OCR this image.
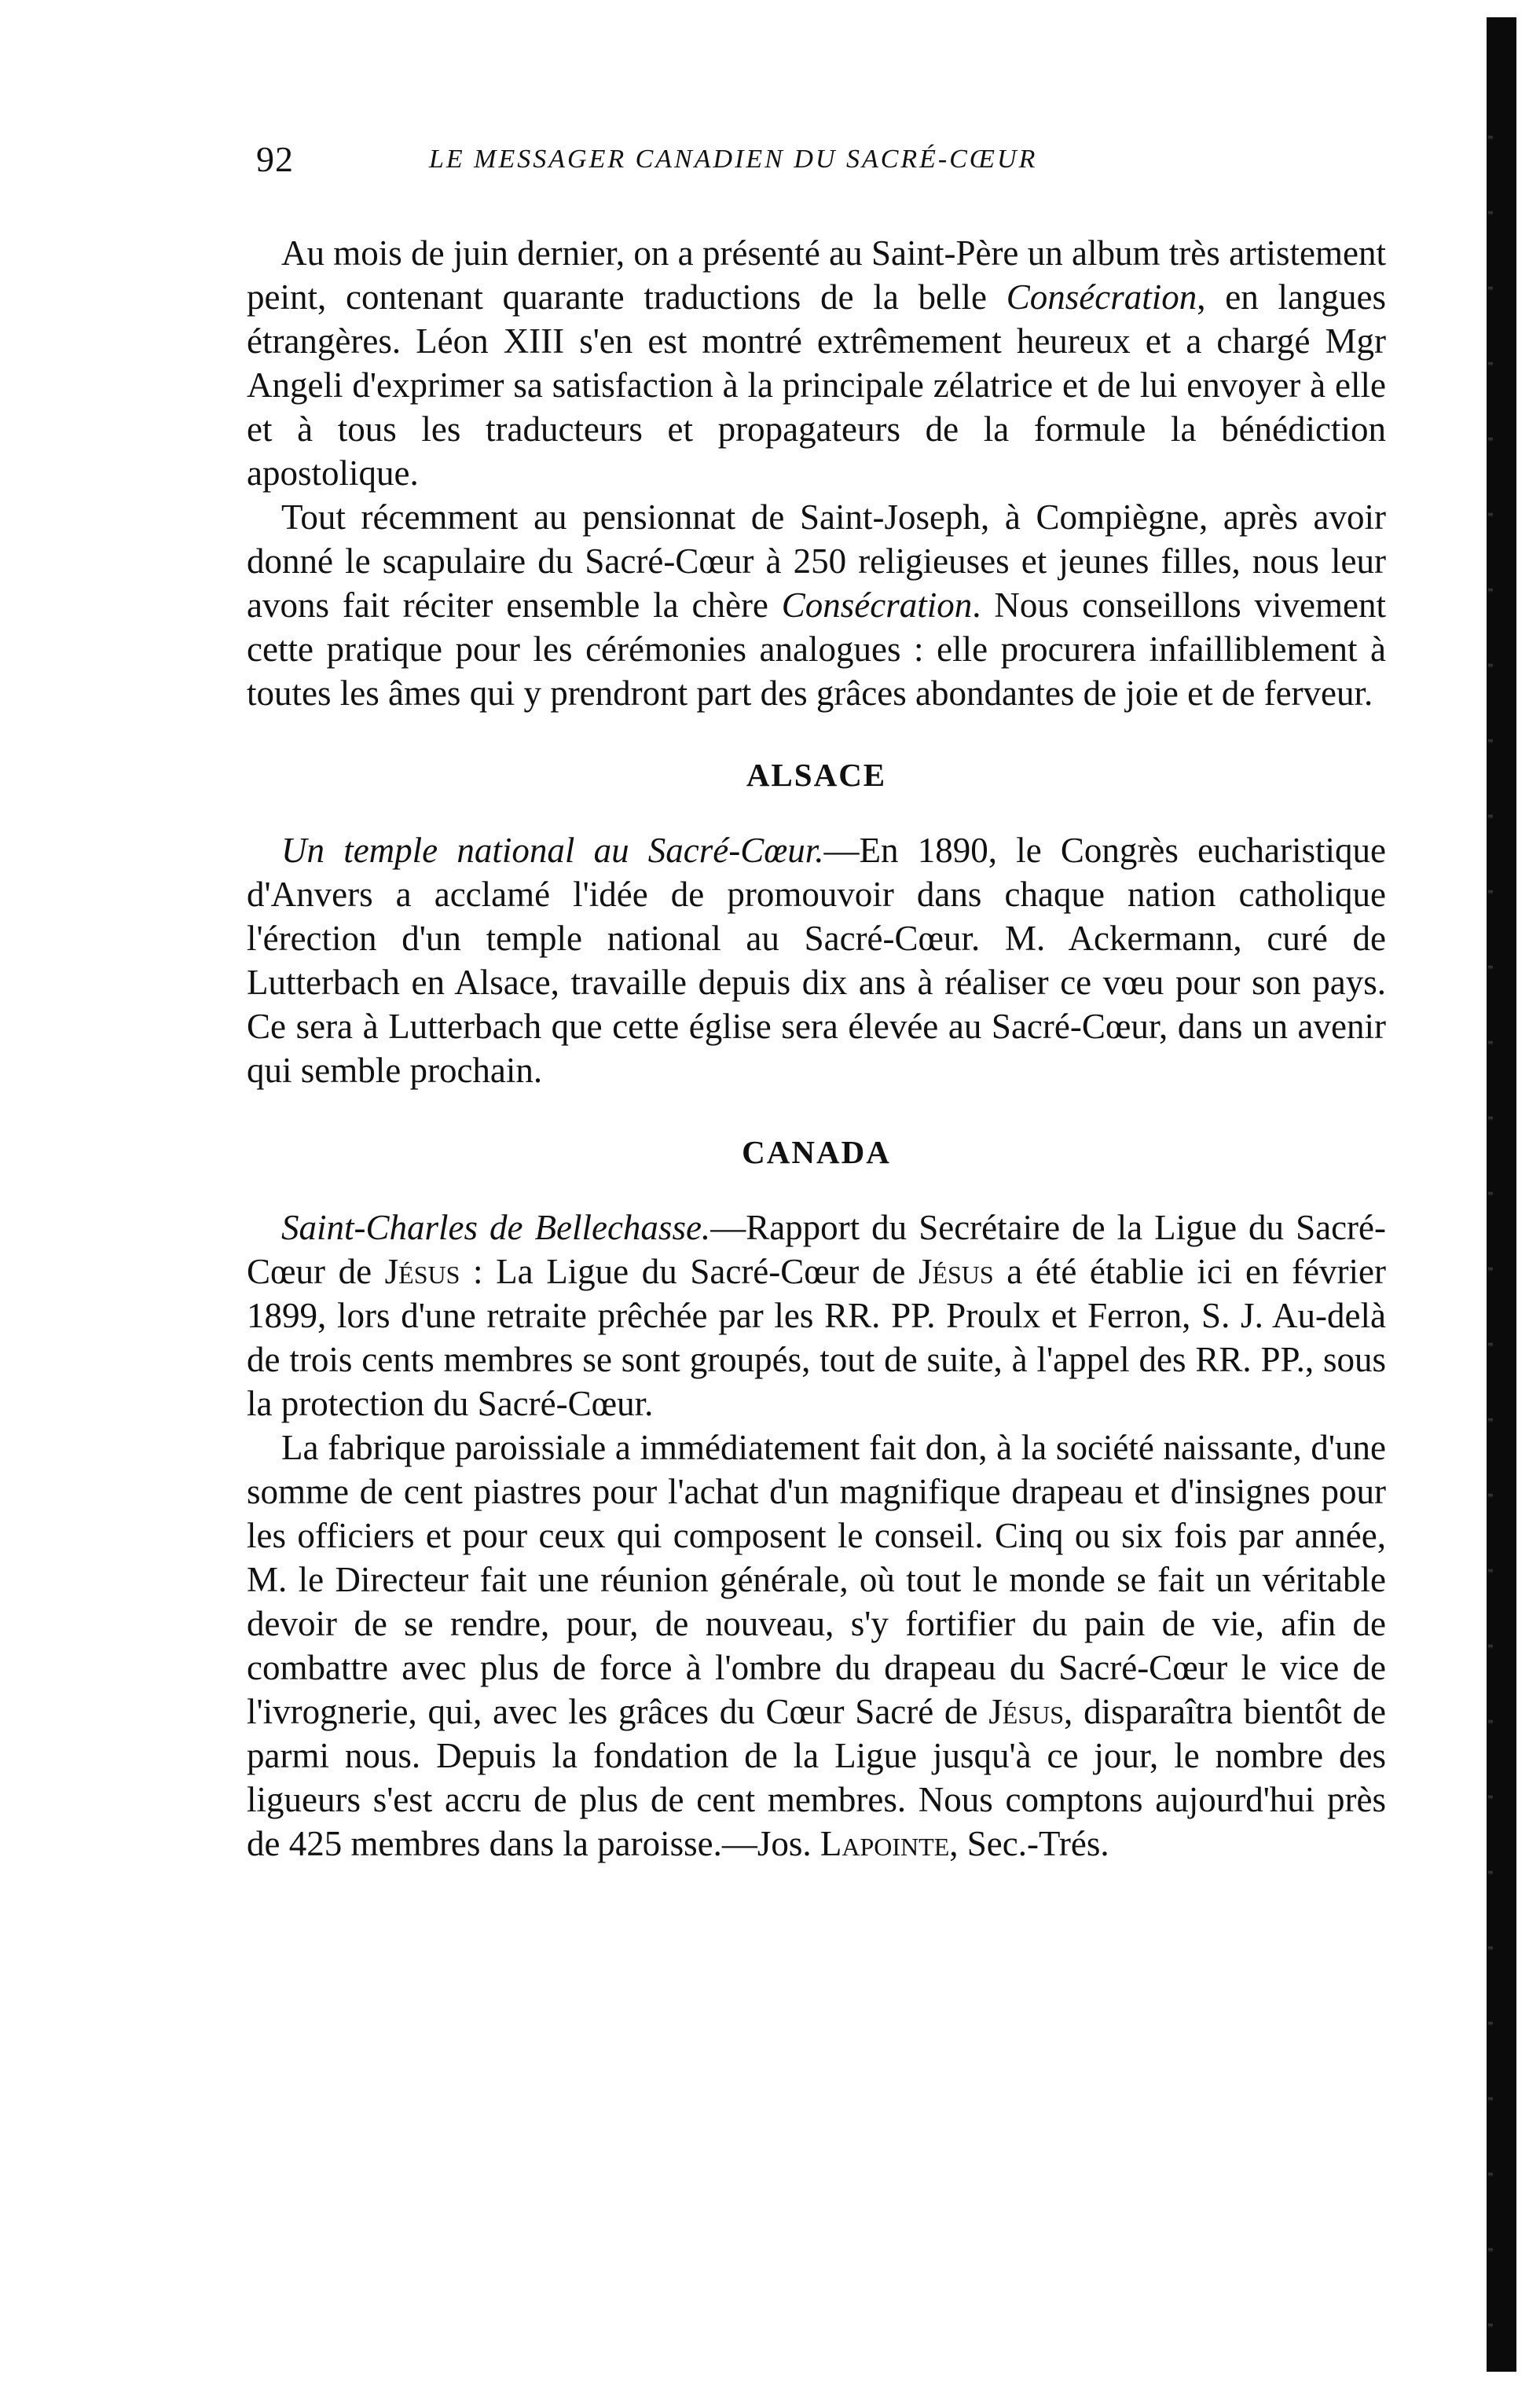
92	LE MESSAGER CANADIEN DU SACRÉ-CŒUR

Au mois de juin dernier, on a présenté au Saint-Père un album très artistement peint, contenant quarante traductions de la belle Consécration, en langues étrangères. Léon XIII s'en est montré extrêmement heureux et a chargé Mgr Angeli d'exprimer sa satisfaction à la principale zélatrice et de lui envoyer à elle et à tous les traducteurs et propagateurs de la formule la bénédiction apostolique.

Tout récemment au pensionnat de Saint-Joseph, à Compiègne, après avoir donné le scapulaire du Sacré-Cœur à 250 religieuses et jeunes filles, nous leur avons fait réciter ensemble la chère Consécration. Nous conseillons vivement cette pratique pour les cérémonies analogues : elle procurera infailliblement à toutes les âmes qui y prendront part des grâces abondantes de joie et de ferveur.

ALSACE

Un temple national au Sacré-Cœur.—En 1890, le Congrès eucharistique d'Anvers a acclamé l'idée de promouvoir dans chaque nation catholique l'érection d'un temple national au Sacré-Cœur. M. Ackermann, curé de Lutterbach en Alsace, travaille depuis dix ans à réaliser ce vœu pour son pays. Ce sera à Lutterbach que cette église sera élevée au Sacré-Cœur, dans un avenir qui semble prochain.

CANADA

Saint-Charles de Bellechasse.—Rapport du Secrétaire de la Ligue du Sacré-Cœur de Jésus : La Ligue du Sacré-Cœur de Jésus a été établie ici en février 1899, lors d'une retraite prêchée par les RR. PP. Proulx et Ferron, S. J. Au-delà de trois cents membres se sont groupés, tout de suite, à l'appel des RR. PP., sous la protection du Sacré-Cœur.

La fabrique paroissiale a immédiatement fait don, à la société naissante, d'une somme de cent piastres pour l'achat d'un magnifique drapeau et d'insignes pour les officiers et pour ceux qui composent le conseil. Cinq ou six fois par année, M. le Directeur fait une réunion générale, où tout le monde se fait un véritable devoir de se rendre, pour, de nouveau, s'y fortifier du pain de vie, afin de combattre avec plus de force à l'ombre du drapeau du Sacré-Cœur le vice de l'ivrognerie, qui, avec les grâces du Cœur Sacré de Jésus, disparaîtra bientôt de parmi nous. Depuis la fondation de la Ligue jusqu'à ce jour, le nombre des ligueurs s'est accru de plus de cent membres. Nous comptons aujourd'hui près de 425 membres dans la paroisse.—Jos. Lapointe, Sec.-Trés.
